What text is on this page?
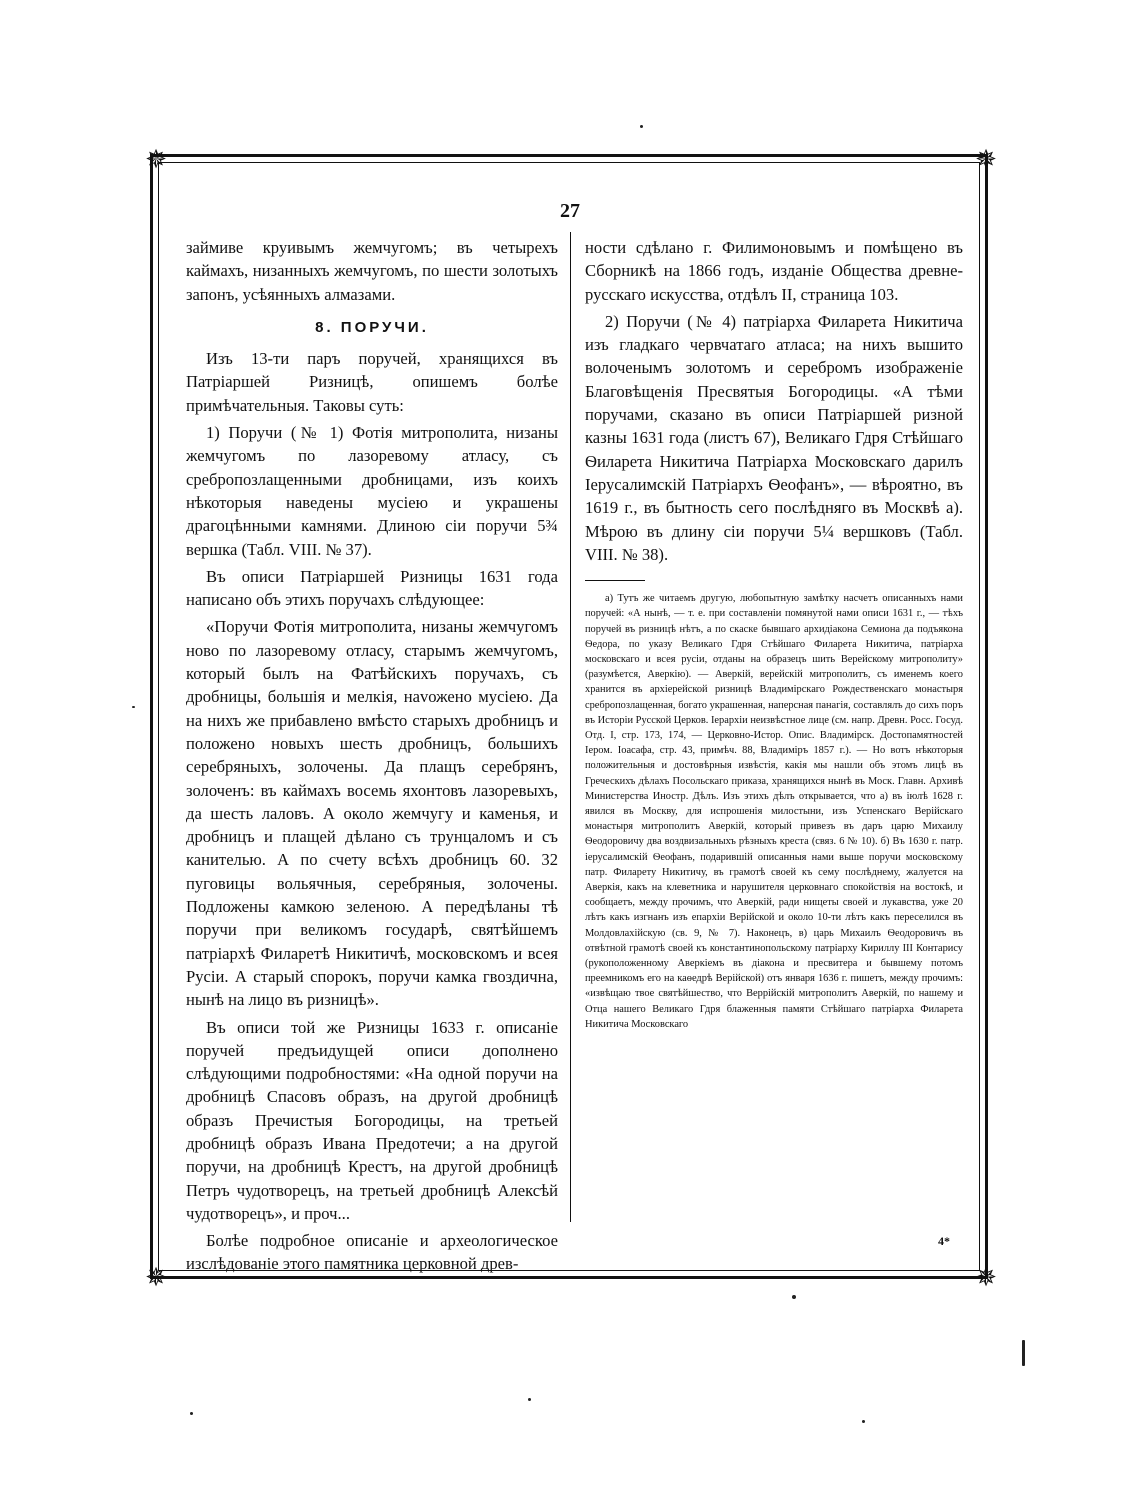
✵	✵
✵	✵
27

займиве круивымъ жемчугомъ; въ четырехъ каймахъ, низанныхъ жемчугомъ, по шести золотыхъ запонъ, усѣянныхъ алмазами.

8. ПОРУЧИ.

Изъ 13-ти паръ поручей, хранящихся въ Патріаршей Ризницѣ, опишемъ болѣе примѣчательныя. Таковы суть:

1) Поручи (№ 1) Фотія митрополита, низаны жемчугомъ по лазоревому атласу, съ сребропозлащенными дробницами, изъ коихъ нѣкоторыя наведены мусіею и украшены драгоцѣнными камнями. Длиною сіи поручи 5¾ вершка (Табл. VIII. № 37).

Въ описи Патріаршей Ризницы 1631 года написано объ этихъ поручахъ слѣдующее:

«Поручи Фотія митрополита, низаны жемчугомъ ново по лазоревому отласу, старымъ жемчугомъ, который былъ на Фатѣйскихъ поручахъ, съ дробницы, большія и мелкія, наvожено мусіею. Да на нихъ же прибавлено вмѣсто старыхъ дробницъ и положено новыхъ шесть дробницъ, большихъ серебряныхъ, золочены. Да плащъ серебрянъ, золоченъ: въ каймахъ восемь яхонтовъ лазоревыхъ, да шесть лаловъ. А около жемчугу и каменья, и дробницъ и плащей дѣлано съ трунцаломъ и съ канителью. А по счету всѣхъ дробницъ 60. 32 пуговицы вольячныя, серебряныя, золочены. Подложены камкою зеленою. А передѣланы тѣ поручи при великомъ государѣ, святѣйшемъ патріархѣ Филаретѣ Никитичѣ, московскомъ и всея Русіи. А старый спорокъ, поручи камка гвоздична, нынѣ на лицо въ ризницѣ».

Въ описи той же Ризницы 1633 г. описаніе поручей предъидущей описи дополнено слѣдующими подробностями: «На одной поручи на дробницѣ Спасовъ образъ, на другой дробницѣ образъ Пречистыя Богородицы, на третьей дробницѣ образъ Ивана Предотечи; а на другой поручи, на дробницѣ Крестъ, на другой дробницѣ Петръ чудотворецъ, на третьей дробницѣ Алексѣй чудотворецъ», и проч...

Болѣе подробное описаніе и археологическое изслѣдованіе этого памятника церковной древ-

ности сдѣлано г. Филимоновымъ и помѣщено въ Сборникѣ на 1866 годъ, изданіе Общества древне-русскаго искусства, отдѣлъ II, страница 103.

2) Поручи (№ 4) патріарха Филарета Никитича изъ гладкаго червчатаго атласа; на нихъ вышито волоченымъ золотомъ и серебромъ изображеніе Благовѣщенія Пресвятыя Богородицы. «А тѣми поручами, сказано въ описи Патріаршей ризной казны 1631 года (листъ 67), Великаго Гдря Стѣйшаго Ѳиларета Никитича Патріарха Московскаго дарилъ Іерусалимскій Патріархъ Ѳеофанъ», — вѣроятно, въ 1619 г., въ бытность сего послѣдняго въ Москвѣ а). Мѣрою въ длину сіи поручи 5¼ вершковъ (Табл. VIII. № 38).

а) Тутъ же читаемъ другую, любопытную замѣтку насчетъ описанныхъ нами поручей: «А нынѣ, — т. е. при составленіи помянутой нами описи 1631 г., — тѣхъ поручей въ ризницѣ нѣтъ, а по скаске бывшаго архидіакона Семиона да подъякона Ѳедора, по указу Великаго Гдря Стѣйшаго Филарета Никитича, патріарха московскаго и всея русіи, отданы на образецъ шить Верейскому митрополиту» (разумѣется, Аверкію). — Аверкій, верейскій митрополитъ, съ именемъ коего хранится въ архіерейской ризницѣ Владимірскаго Рождественскаго монастыря сребропозлащенная, богато украшенная, наперсная панагія, составлялъ до сихъ поръ въ Исторіи Русской Церков. Іерархіи неизвѣстное лице (см. напр. Древн. Росс. Госуд. Отд. I, стр. 173, 174, — Церковно-Истор. Опис. Владимірск. Достопамятностей Іером. Іоасафа, стр. 43, примѣч. 88, Владиміръ 1857 г.). — Но вотъ нѣкоторыя положительныя и достовѣрныя извѣстія, какія мы нашли объ этомъ лицѣ въ Греческихъ дѣлахъ Посольскаго приказа, хранящихся нынѣ въ Моск. Главн. Архивѣ Министерства Иностр. Дѣлъ. Изъ этихъ дѣлъ открывается, что а) въ іюлѣ 1628 г. явился въ Москву, для испрошенія милостыни, изъ Успенскаго Верійскаго монастыря митрополитъ Аверкій, который привезъ въ даръ царю Михаилу Ѳеодоровичу два воздвизальныхъ рѣзныхъ креста (связ. 6 № 10). б) Въ 1630 г. патр. іерусалимскій Ѳеофанъ, подарившій описанныя нами выше поручи московскому патр. Филарету Никитичу, въ грамотѣ своей къ сему послѣднему, жалуется на Аверкія, какъ на клеветника и нарушителя церковнаго спокойствія на востокѣ, и сообщаетъ, между прочимъ, что Аверкій, ради нищеты своей и лукавства, уже 20 лѣтъ какъ изгнанъ изъ епархіи Верійской и около 10-ти лѣтъ какъ переселился въ Молдовлахійскую (св. 9, № 7). Наконецъ, в) царь Михаилъ Ѳеодоровичъ въ отвѣтной грамотѣ своей къ константинопольскому патріарху Кириллу III Контарису (рукоположенному Аверкіемъ въ діакона и пресвитера и бывшему потомъ преемникомъ его на каѳедрѣ Верійской) отъ января 1636 г. пишетъ, между прочимъ: «извѣщаю твое святѣйшество, что Веррійскій митрополитъ Аверкій, по нашему и Отца нашего Великаго Гдря блаженныя памяти Стѣйшаго патріарха Филарета Никитича Московскаго

4*
